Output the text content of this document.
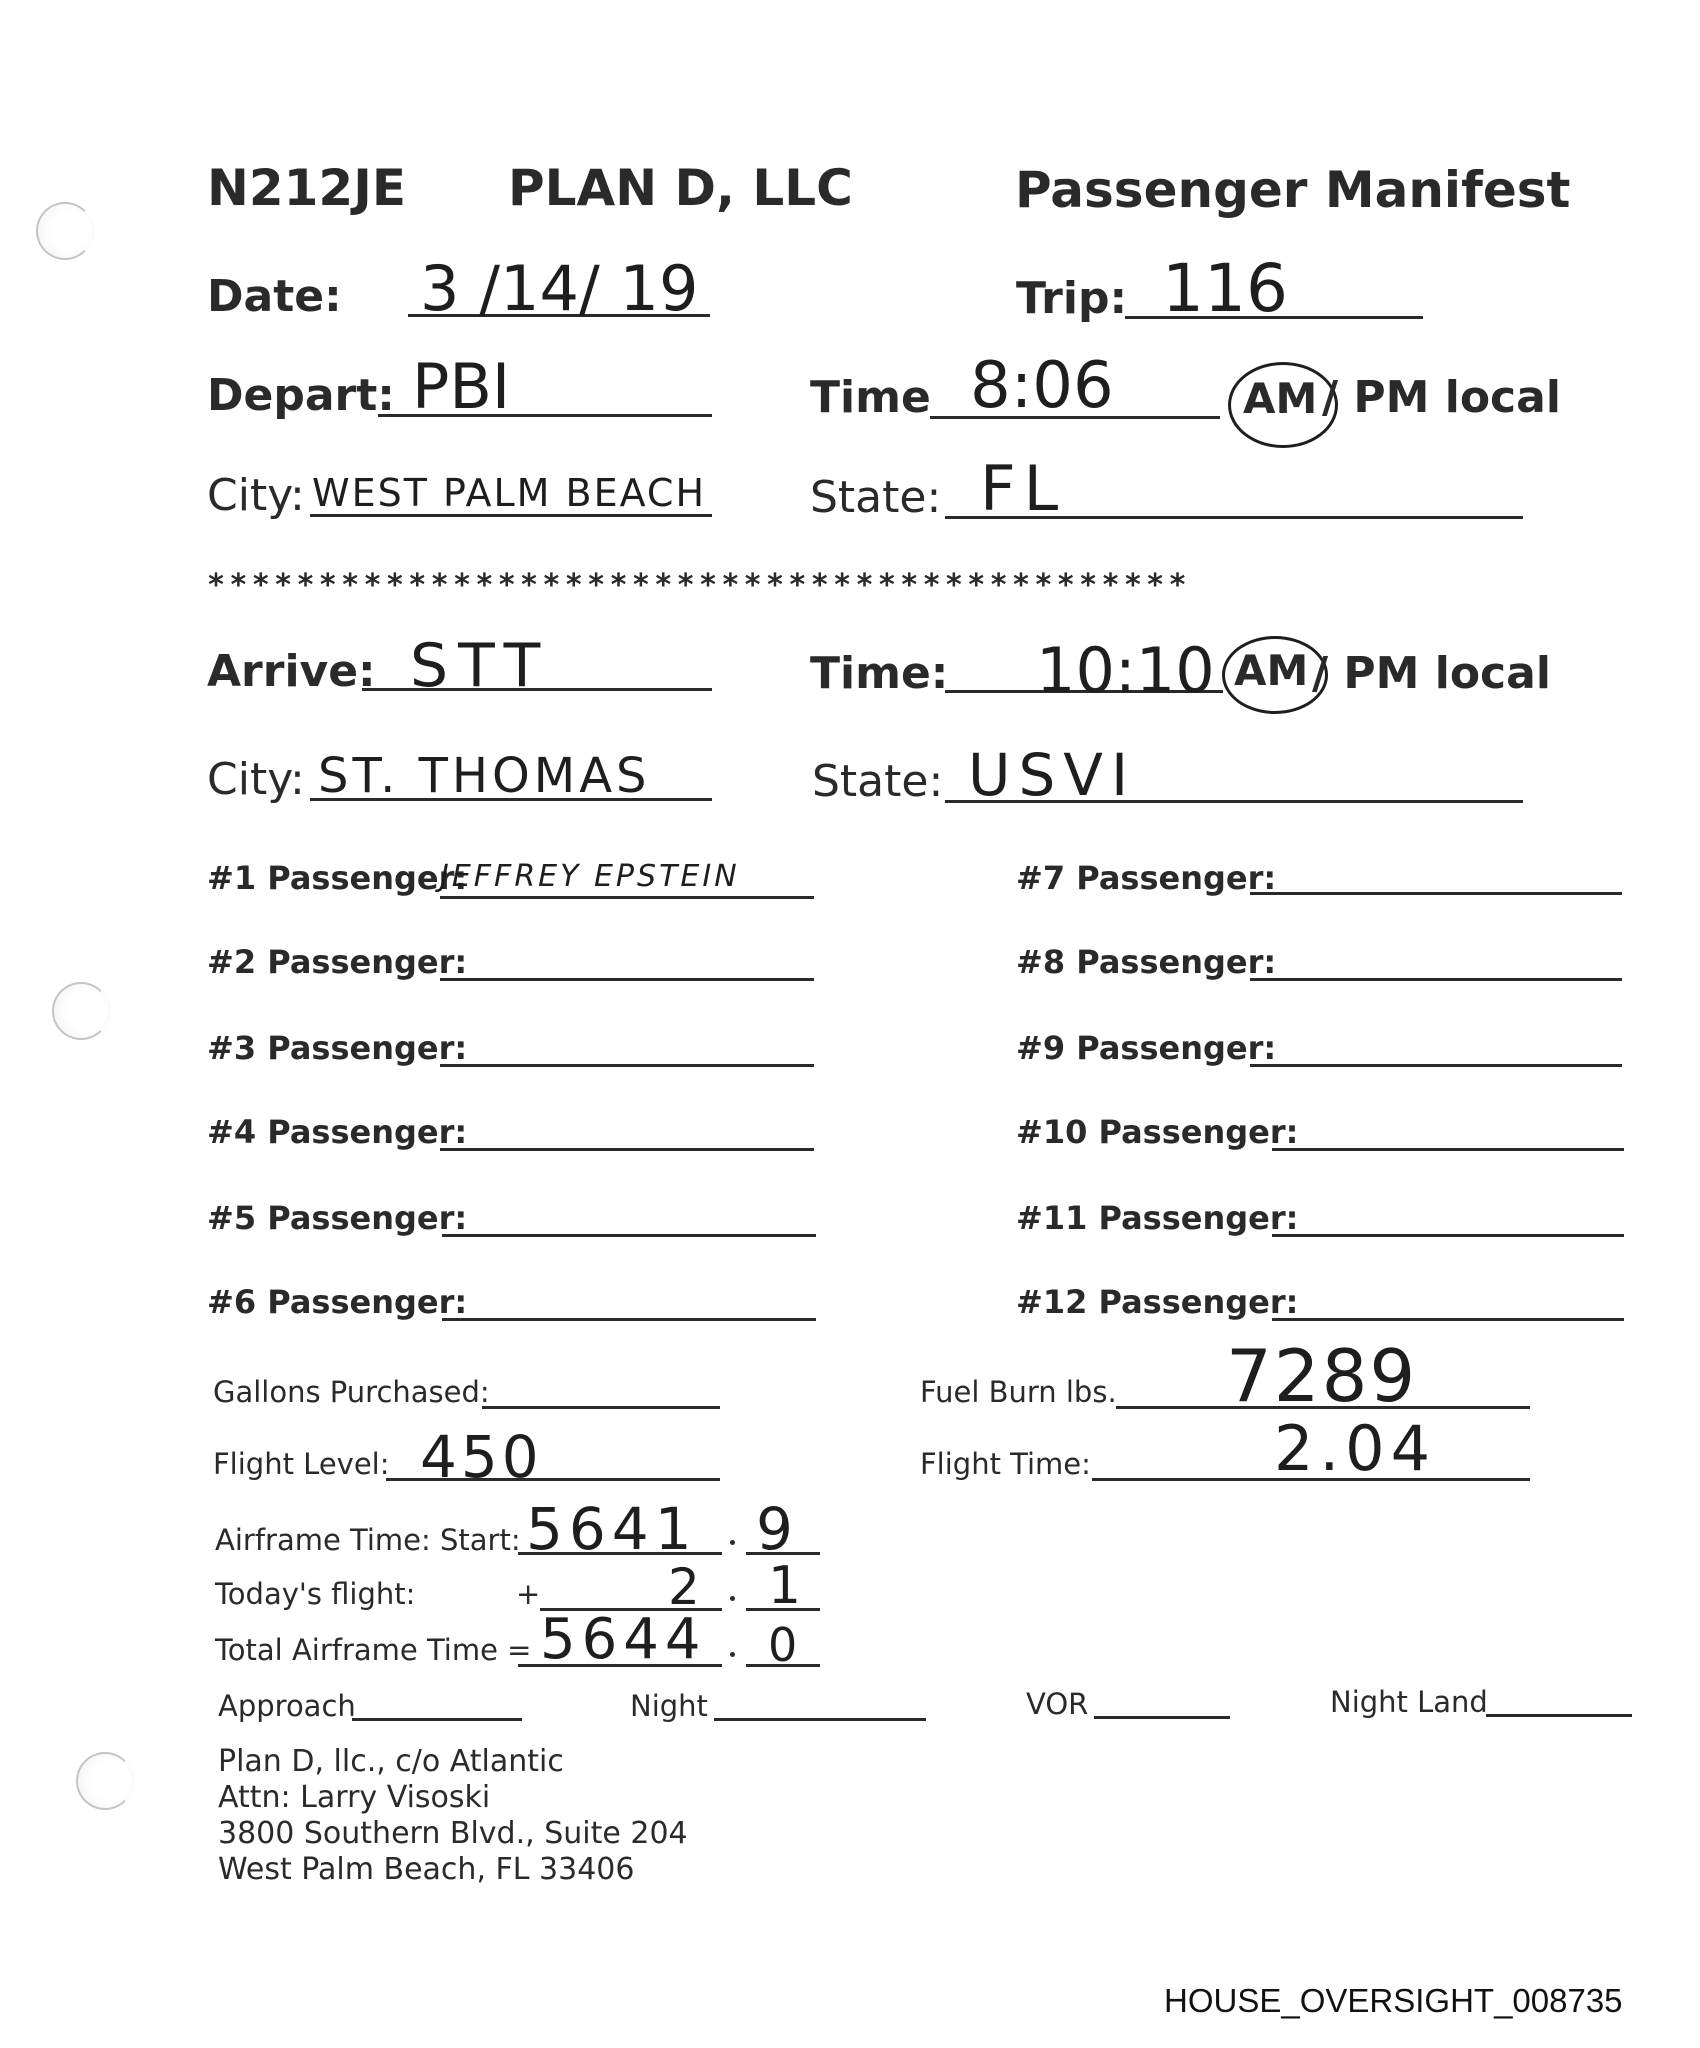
N212JE PLAN D, LLC	Passenger Manifest
Date: 3 /14/ 19	Trip: 116
Depart: PBI	Time 8:06	AM / PM local
City: WEST PALM BEACH State: FL
********************************************
Arrive: STT	Time: 10:10 AM / PM local
City: ST. THOMAS	State: USVI
#1 Passenger:
JEFFREY EPSTEIN
#2 Passenger:
#3 Passenger:
#4 Passenger:
#5 Passenger:
#6 Passenger:
#7 Passenger:
#8 Passenger:
#9 Passenger:
#10 Passenger:
#11 Passenger:
#12 Passenger:
Gallons Purchased:	Fuel Burn lbs. 7289
Flight Level: 450	Flight Time:	2.04
Airframe Time: Start: 5641 9
Today's flight:	+	2 1
Total Airframe Time = 5644 0
Approach	Night	VOR	Night Land
Plan D, llc., c/o Atlantic
Attn: Larry Visoski
3800 Southern Blvd., Suite 204
West Palm Beach, FL 33406
HOUSE_OVERSIGHT_008735
